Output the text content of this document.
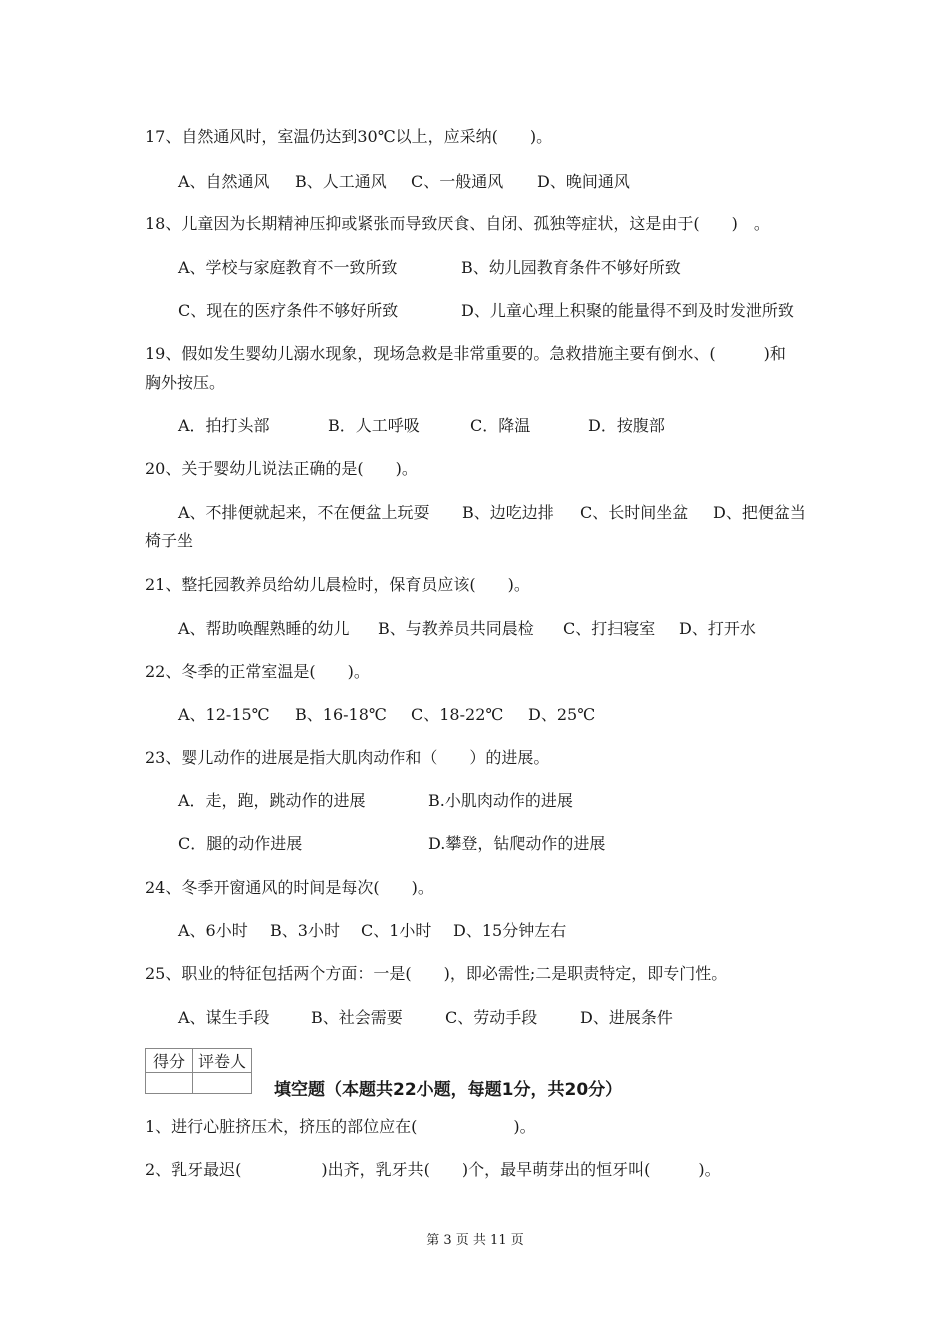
17、自然通风时，室温仍达到30℃以上，应采纳(　　)。
A、自然通风 B、人工通风 C、一般通风 D、晚间通风
18、儿童因为长期精神压抑或紧张而导致厌食、自闭、孤独等症状，这是由于(　　)　。
A、学校与家庭教育不一致所致	B、幼儿园教育条件不够好所致
C、现在的医疗条件不够好所致	D、儿童心理上积聚的能量得不到及时发泄所致
19、假如发生婴幼儿溺水现象，现场急救是非常重要的。急救措施主要有倒水、(　　　)和
胸外按压。
A．拍打头部	B．人工呼吸	C．降温	D．按腹部
20、关于婴幼儿说法正确的是(　　)。
A、不排便就起来，不在便盆上玩耍 B、边吃边排 C、长时间坐盆 D、把便盆当
椅子坐
21、整托园教养员给幼儿晨检时，保育员应该(　　)。
A、帮助唤醒熟睡的幼儿 B、与教养员共同晨检 C、打扫寝室 D、打开水
22、冬季的正常室温是(　　)。
A、12-15℃ B、16-18℃ C、18-22℃ D、25℃
23、婴儿动作的进展是指大肌肉动作和（　　）的进展。
A．走，跑，跳动作的进展	B.小肌肉动作的进展
C．腿的动作进展	D.攀登，钻爬动作的进展
24、冬季开窗通风的时间是每次(　　)。
A、6小时 B、3小时 C、1小时 D、15分钟左右
25、职业的特征包括两个方面：一是(　　)，即必需性;二是职责特定，即专门性。
A、谋生手段	B、社会需要	C、劳动手段	D、进展条件
得分	评卷人

填空题（本题共22小题，每题1分，共20分）
1、进行心脏挤压术，挤压的部位应在(　　　　　　)。
2、乳牙最迟(　　　　　)出齐，乳牙共(　　)个，最早萌芽出的恒牙叫(　　　)。
第 3 页 共 11 页
